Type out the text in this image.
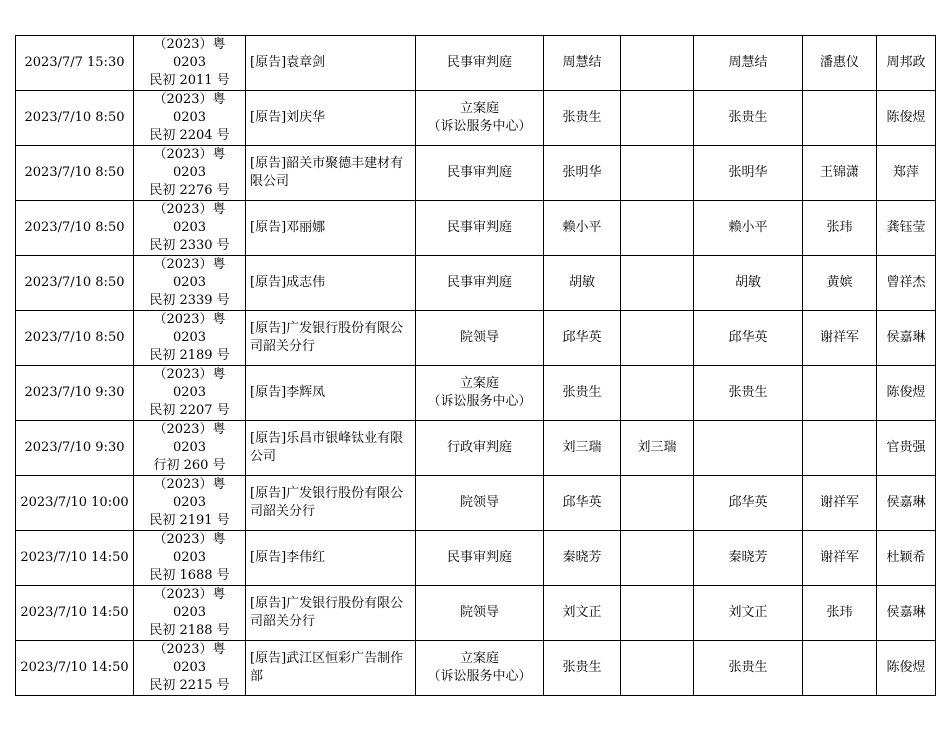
2023/7/7 15:30	（2023）粤 0203
民初 2011 号	[原告]袁章剑	民事审判庭	周慧结		周慧结	潘惠仪	周邦政
2023/7/10 8:50	（2023）粤 0203
民初 2204 号	[原告]刘庆华	立案庭
（诉讼服务中心）	张贵生		张贵生		陈俊煜
2023/7/10 8:50	（2023）粤 0203
民初 2276 号	[原告]韶关市聚德丰建材有限公司	民事审判庭	张明华		张明华	王锦潇	郑萍
2023/7/10 8:50	（2023）粤 0203
民初 2330 号	[原告]邓丽娜	民事审判庭	赖小平		赖小平	张玮	龚钰莹
2023/7/10 8:50	（2023）粤 0203
民初 2339 号	[原告]成志伟	民事审判庭	胡敏		胡敏	黄嫔	曾祥杰
2023/7/10 8:50	（2023）粤 0203
民初 2189 号	[原告]广发银行股份有限公司韶关分行	院领导	邱华英		邱华英	谢祥军	侯嘉琳
2023/7/10 9:30	（2023）粤 0203
民初 2207 号	[原告]李辉凤	立案庭
（诉讼服务中心）	张贵生		张贵生		陈俊煜
2023/7/10 9:30	（2023）粤 0203
行初 260 号	[原告]乐昌市银峰钛业有限公司	行政审判庭	刘三瑞	刘三瑞			官贵强
2023/7/10 10:00	（2023）粤 0203
民初 2191 号	[原告]广发银行股份有限公司韶关分行	院领导	邱华英		邱华英	谢祥军	侯嘉琳
2023/7/10 14:50	（2023）粤 0203
民初 1688 号	[原告]李伟红	民事审判庭	秦晓芳		秦晓芳	谢祥军	杜颖希
2023/7/10 14:50	（2023）粤 0203
民初 2188 号	[原告]广发银行股份有限公司韶关分行	院领导	刘文正		刘文正	张玮	侯嘉琳
2023/7/10 14:50	（2023）粤 0203
民初 2215 号	[原告]武江区恒彩广告制作部	立案庭
（诉讼服务中心）	张贵生		张贵生		陈俊煜
